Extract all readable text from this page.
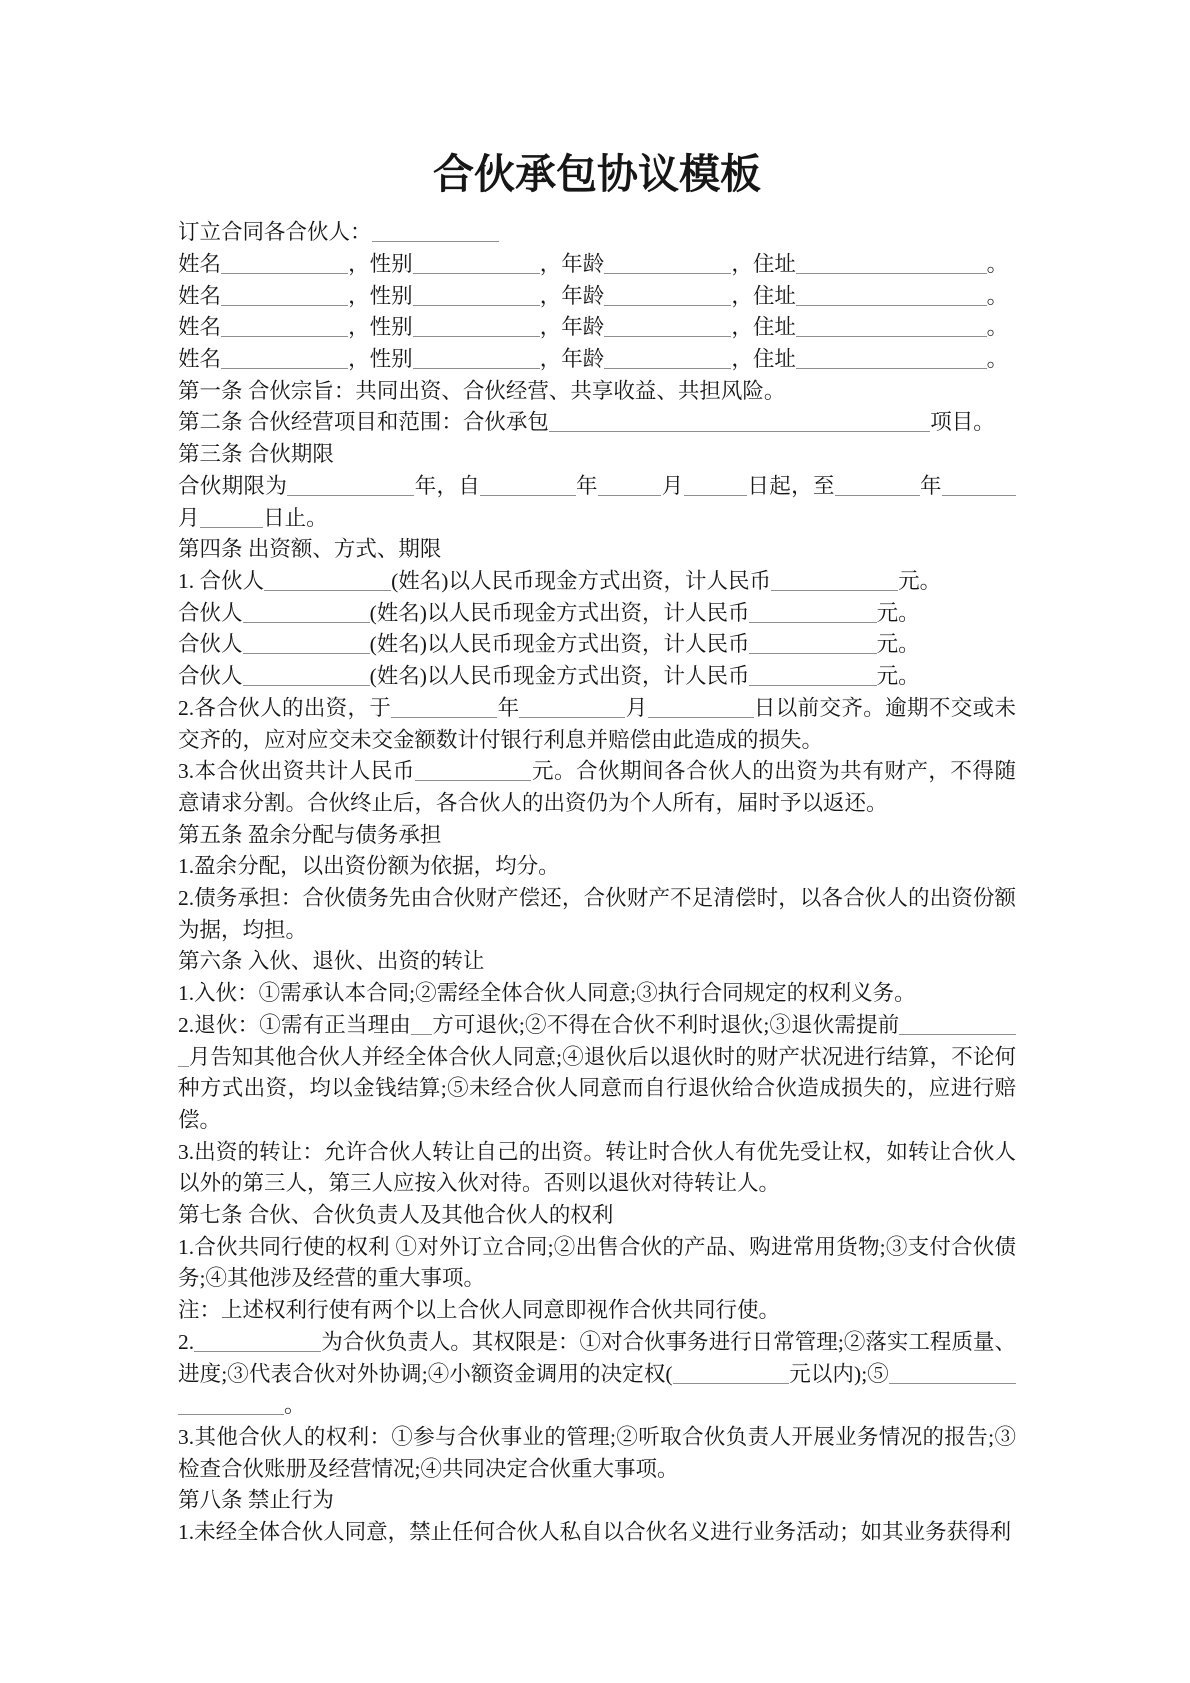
合伙承包协议模板

订立合同各合伙人：

姓名	，性别	，年龄	，住址	。

姓名	，性别	，年龄	，住址	。

姓名	，性别	，年龄	，住址	。

姓名	，性别	，年龄	，住址	。

第一条 合伙宗旨：共同出资、合伙经营、共享收益、共担风险。

第二条 合伙经营项目和范围：合伙承包	项目。

第三条 合伙期限

合伙期限为	年，自	年	月	日起，至	年月	日止。

第四条 出资额、方式、期限

1. 合伙人	(姓名)以人民币现金方式出资，计人民币	元。

合伙人	(姓名)以人民币现金方式出资，计人民币	元。

合伙人	(姓名)以人民币现金方式出资，计人民币	元。

合伙人	(姓名)以人民币现金方式出资，计人民币	元。

2.各合伙人的出资，于	年	月	日以前交齐。逾期不交或未交齐的，应对应交未交金额数计付银行利息并赔偿由此造成的损失。

3.本合伙出资共计人民币	元。合伙期间各合伙人的出资为共有财产，不得随意请求分割。合伙终止后，各合伙人的出资仍为个人所有，届时予以返还。

第五条 盈余分配与债务承担

1.盈余分配，以出资份额为依据，均分。

2.债务承担：合伙债务先由合伙财产偿还，合伙财产不足清偿时，以各合伙人的出资份额为据，均担。

第六条 入伙、退伙、出资的转让

1.入伙：①需承认本合同;②需经全体合伙人同意;③执行合同规定的权利义务。

2.退伙：①需有正当理由 方可退伙;②不得在合伙不利时退伙;③退伙需提前月告知其他合伙人并经全体合伙人同意;④退伙后以退伙时的财产状况进行结算，不论何种方式出资，均以金钱结算;⑤未经合伙人同意而自行退伙给合伙造成损失的，应进行赔偿。

3.出资的转让：允许合伙人转让自己的出资。转让时合伙人有优先受让权，如转让合伙人以外的第三人，第三人应按入伙对待。否则以退伙对待转让人。

第七条 合伙、合伙负责人及其他合伙人的权利

1.合伙共同行使的权利 ①对外订立合同;②出售合伙的产品、购进常用货物;③支付合伙债务;④其他涉及经营的重大事项。

注：上述权利行使有两个以上合伙人同意即视作合伙共同行使。

2.	为合伙负责人。其权限是：①对合伙事务进行日常管理;②落实工程质量、进度;③代表合伙对外协调;④小额资金调用的决定权(	元以内);⑤。

3.其他合伙人的权利：①参与合伙事业的管理;②听取合伙负责人开展业务情况的报告;③检查合伙账册及经营情况;④共同决定合伙重大事项。

第八条 禁止行为

1.未经全体合伙人同意，禁止任何合伙人私自以合伙名义进行业务活动；如其业务获得利
